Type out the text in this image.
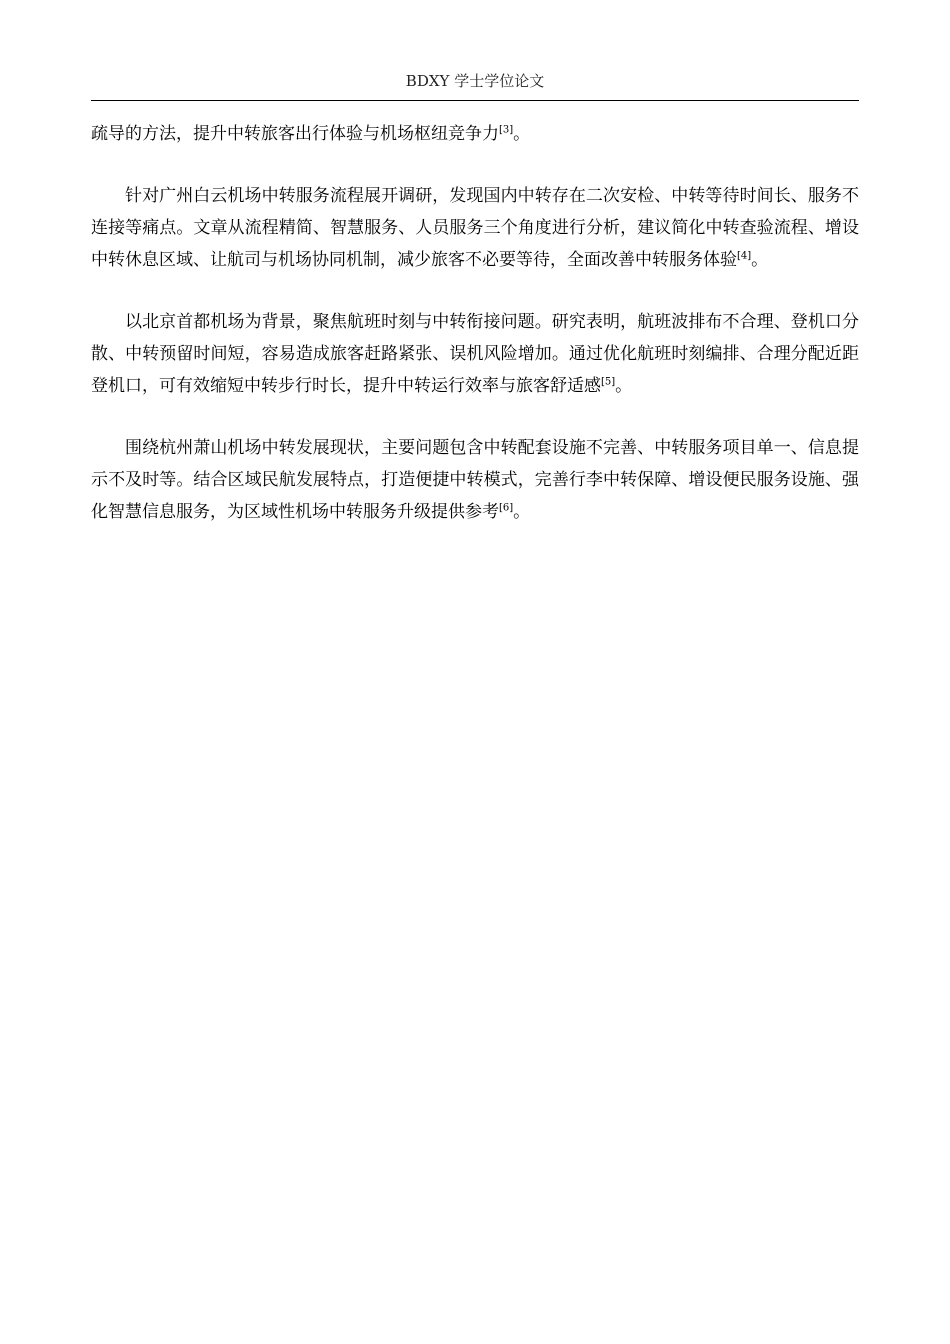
BDXY 学士学位论文

疏导的方法，提升中转旅客出行体验与机场枢纽竞争力[3]。

针对广州白云机场中转服务流程展开调研，发现国内中转存在二次安检、中转等待时间长、服务不连接等痛点。文章从流程精简、智慧服务、人员服务三个角度进行分析，建议简化中转查验流程、增设中转休息区域、让航司与机场协同机制，减少旅客不必要等待，全面改善中转服务体验[4]。

以北京首都机场为背景，聚焦航班时刻与中转衔接问题。研究表明，航班波排布不合理、登机口分散、中转预留时间短，容易造成旅客赶路紧张、误机风险增加。通过优化航班时刻编排、合理分配近距登机口，可有效缩短中转步行时长，提升中转运行效率与旅客舒适感[5]。

围绕杭州萧山机场中转发展现状，主要问题包含中转配套设施不完善、中转服务项目单一、信息提示不及时等。结合区域民航发展特点，打造便捷中转模式，完善行李中转保障、增设便民服务设施、强化智慧信息服务，为区域性机场中转服务升级提供参考[6]。
